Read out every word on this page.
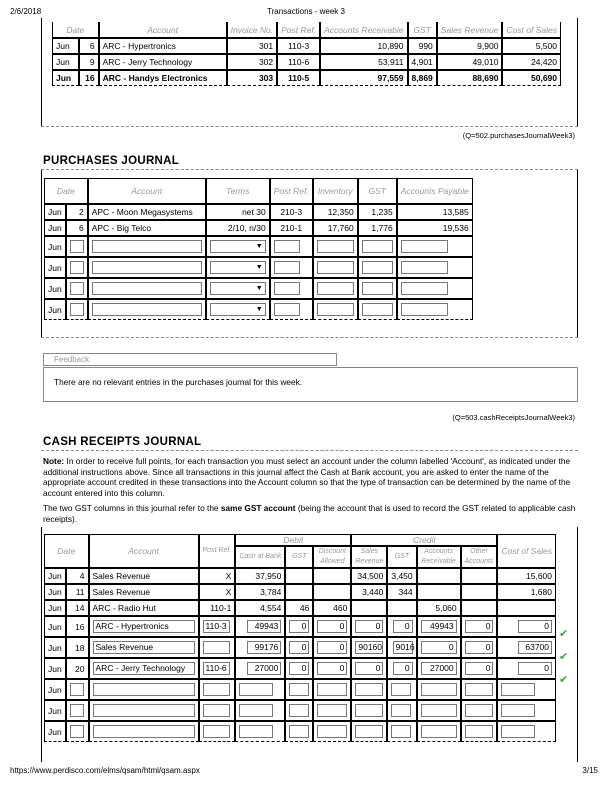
2/6/2018	Transactions - week 3
Date		Account	Invoice No.	Post Ref.	Accounts Receivable	GST	Sales Revenue	Cost of Sales
Jun	6	ARC - Hypertronics	301	110-3	10,890	990	9,900	5,500
Jun	9	ARC - Jerry Technology	302	110-6	53,911	4,901	49,010	24,420
Jun	16	ARC - Handys Electronics	303	110-5	97,559	8,869	88,690	50,690
(Q=502.purchasesJournalWeek3)
PURCHASES JOURNAL
Date		Account	Terms	Post Ref.	Inventory	GST	Accounts Payable
Jun	2	APC - Moon Megasystems	net 30	210-3	12,350	1,235	13,585
Jun	6	APC - Big Telco	2/10, n/30	210-1	17,760	1,776	19,536
Jun			▼				

Jun			▼				

Jun			▼				

Jun			▼				

Feedback
There are no relevant entries in the purchases journal for this week.
(Q=503.cashReceiptsJournalWeek3)
CASH RECEIPTS JOURNAL
Note: In order to receive full points, for each transaction you must select an account under the column labelled 'Account', as indicated under the additional instructions above. Since all transactions in this journal affect the Cash at Bank account, you are asked to enter the name of the appropriate account credited in these transactions into the Account column so that the type of transaction can be determined by the name of the account entered into this column.
The two GST columns in this journal refer to the same GST account (being the account that is used to record the GST related to applicable cash receipts).
Date		Account	Post Ref.	Debit			Credit				Cost of Sales
				Cash at Bank	GST	Discount Allowed	Sales Revenue	GST	Accounts Receivable	Other Accounts	
Jun	4	Sales Revenue	X	37,950			34,500	3,450			15,600
Jun	11	Sales Revenue	X	3,784			3,440	344			1,680
Jun	14	ARC - Radio Hut	110-1	4,554	46	460			5,060		
Jun	16	ARC - Hypertronics	110-3	49943	0	0	0	0	49943	0	0
Jun	18	Sales Revenue		99176	0	0	90160	9016	0	0	63700
Jun	20	ARC - Jerry Technology	110-6	27000	0	0	0	0	27000	0	0
Jun											
Jun											
Jun											
✔
✔
✔
https://www.perdisco.com/elms/qsam/html/qsam.aspx	3/15
